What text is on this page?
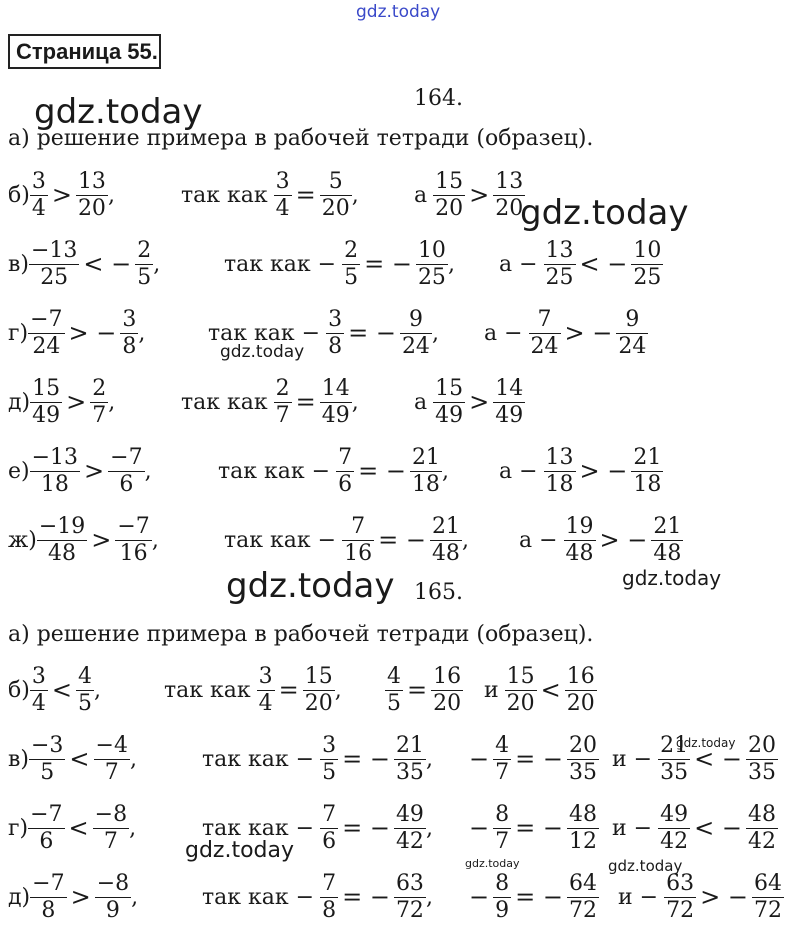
gdz.today
gdz.today
gdz.today
gdz.today
gdz.today	gdz.today
gdz.today
gdz.today
gdz.today	gdz.today
Страница 55.
164.
а) решение примера в рабочей тетради (образец).
$б) \frac{3}{4} > \frac{13}{20}$ ,	так как $\frac{3}{4} = \frac{5}{20}$ ,	а $\frac{15}{20} > \frac{13}{20}$
$в) \frac{-13}{25}$ < − $\frac{2}{5}$ ,	так как − $\frac{2}{5}$ = − $\frac{10}{25}$ , $а - \frac{13}{25}$ < − $\frac{10}{25}$
$г) \frac{-7}{24}$ > − $\frac{3}{8}$ ,	так как − $\frac{3}{8}$ = − $\frac{9}{24}$ , $а - \frac{7}{24}$ > − $\frac{9}{24}$
$д) \frac{15}{49} > \frac{2}{7}$ ,	так как $\frac{2}{7} = \frac{14}{49}$ ,	а $\frac{15}{49} > \frac{14}{49}$
$е) \frac{-13}{18} > \frac{-7}{6}$ ,	так как − $\frac{7}{6}$ = − $\frac{21}{18}$ , $а - \frac{13}{18}$ > − $\frac{21}{18}$
$ж) \frac{-19}{48} > \frac{-7}{16}$ ,	так как − $\frac{7}{16}$ = − $\frac{21}{48}$ , $а - \frac{19}{48}$ > − $\frac{21}{48}$
165.
а) решение примера в рабочей тетради (образец).
$б) \frac{3}{4} < \frac{4}{5}$ ,	так как $\frac{3}{4} = \frac{15}{20}$ , $\frac{4}{5} = \frac{16}{20}$ и $\frac{15}{20} < \frac{16}{20}$
$в) \frac{-3}{5} < \frac{-4}{7}$ ,	так как − $\frac{3}{5}$ = − $\frac{21}{35}$ , − $\frac{4}{7}$ = − $\frac{20}{35}$ $и - \frac{21}{35}$ < − $\frac{20}{35}$
$г) \frac{-7}{6} < \frac{-8}{7}$ ,	так как − $\frac{7}{6}$ = − $\frac{49}{42}$ , − $\frac{8}{7}$ = − $\frac{48}{12}$ $и - \frac{49}{42}$ < − $\frac{48}{42}$
$д) \frac{-7}{8} > \frac{-8}{9}$ ,	так как − $\frac{7}{8}$ = − $\frac{63}{72}$ , − $\frac{8}{9}$ = − $\frac{64}{72}$ $и - \frac{63}{72}$ > − $\frac{64}{72}$
